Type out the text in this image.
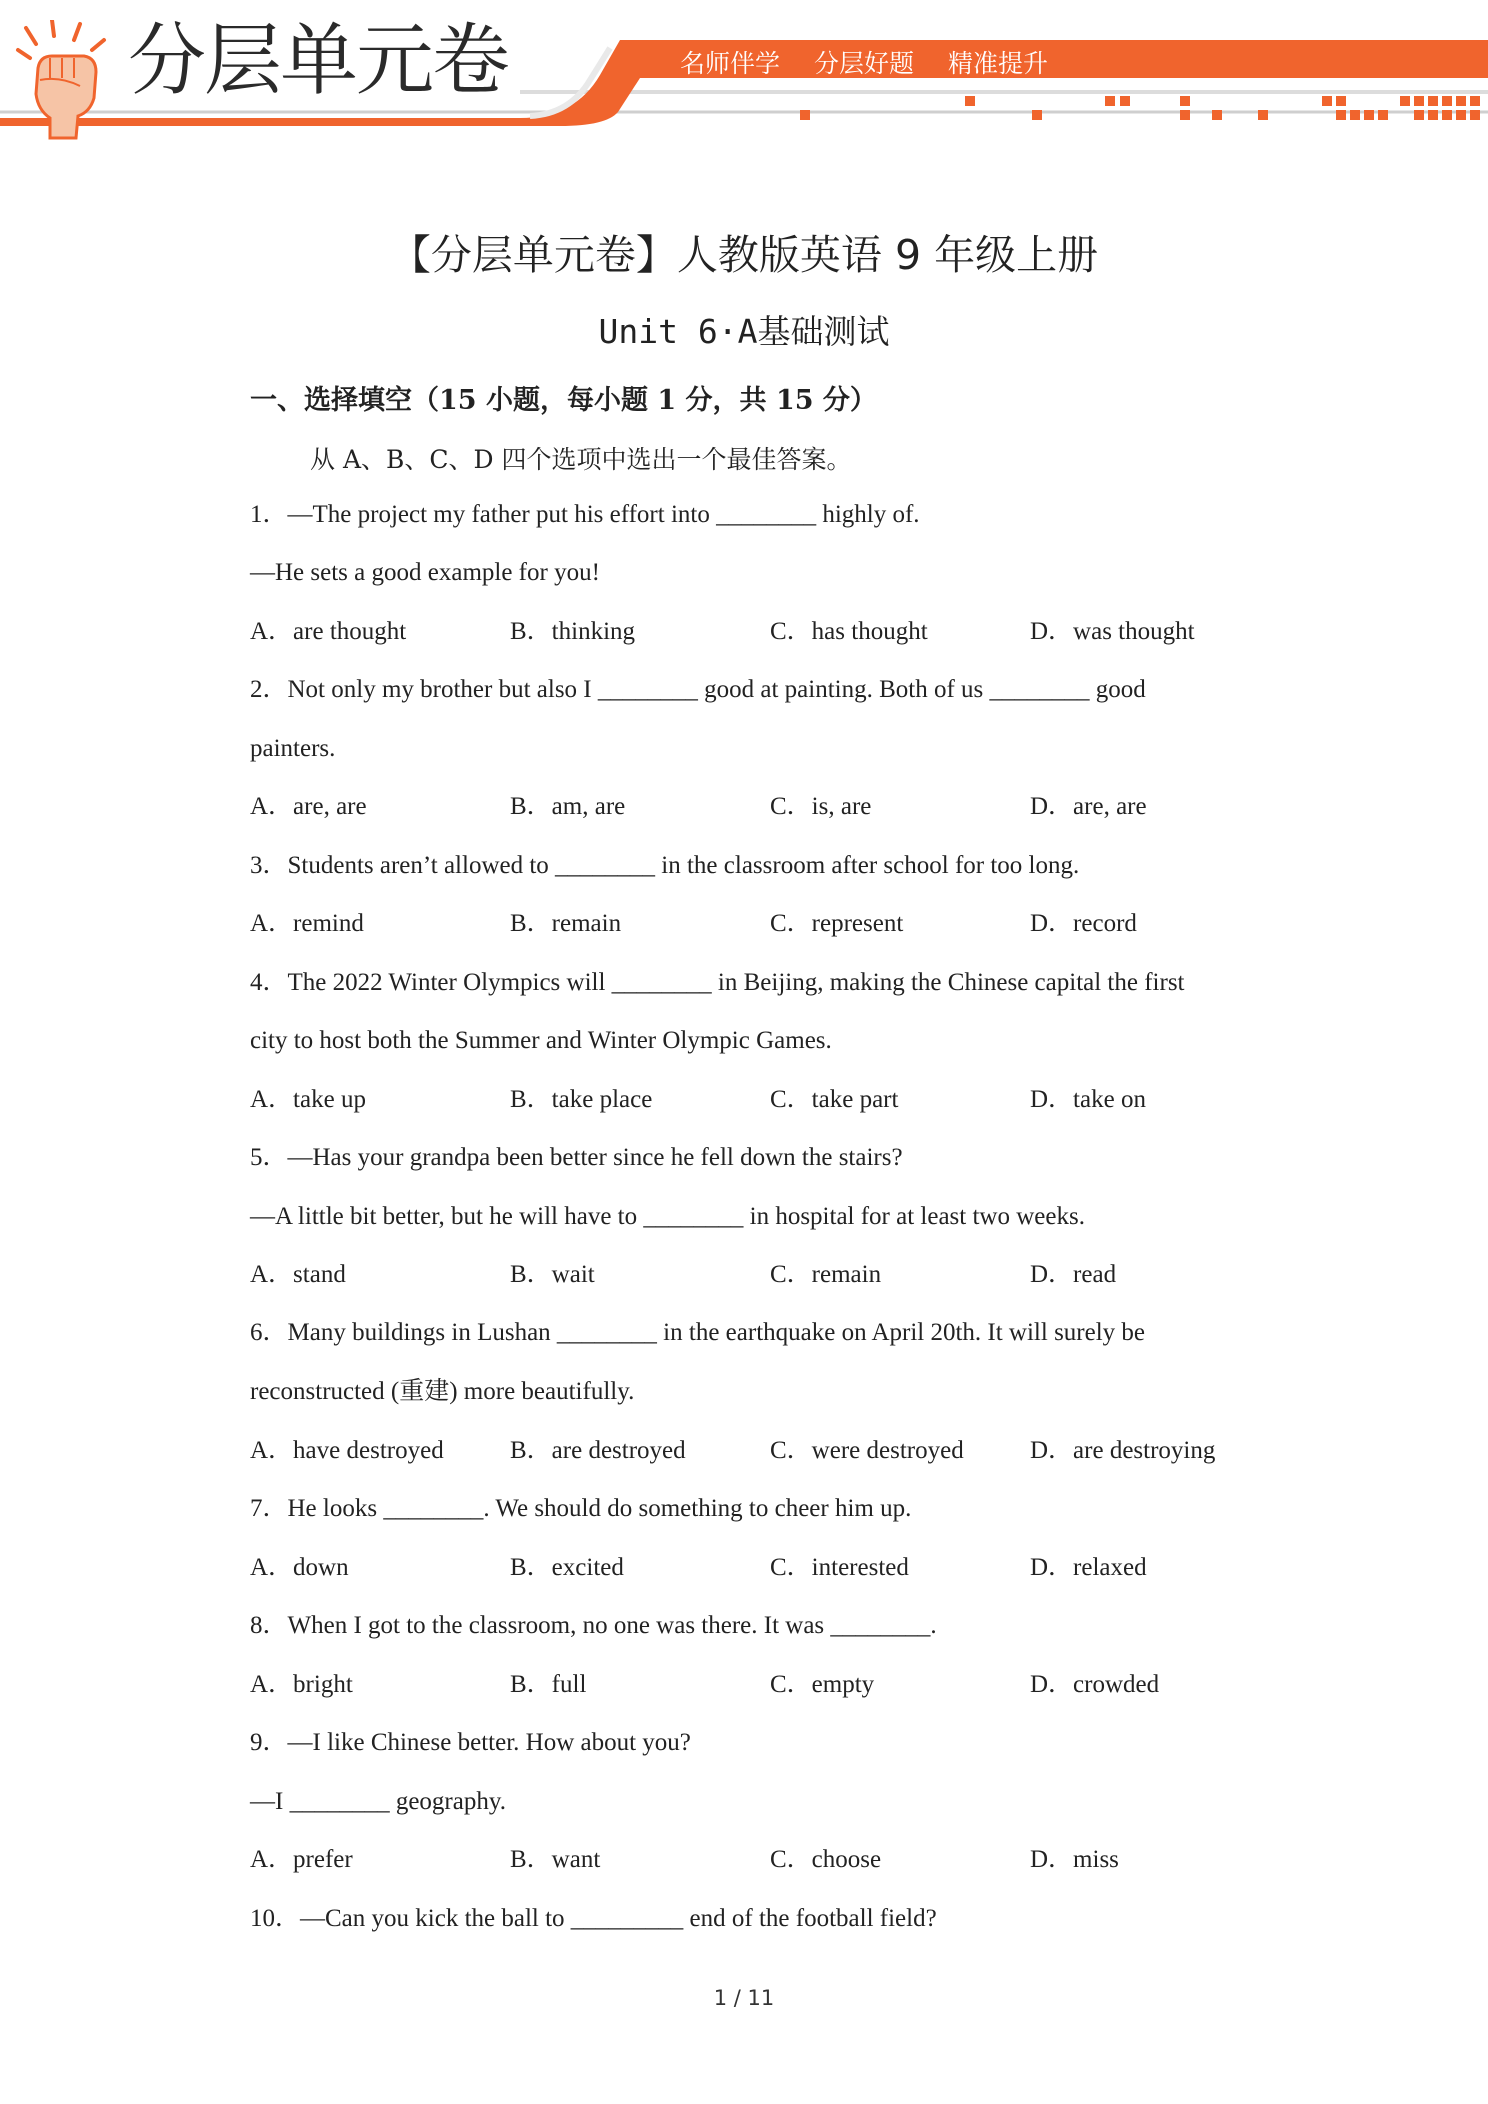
分层单元卷	名师伴学 分层好题 精准提升
【分层单元卷】人教版英语 9 年级上册
Unit 6·A基础测试
一、选择填空（15 小题，每小题 1 分，共 15 分）
从 A、B、C、D 四个选项中选出一个最佳答案。
1．—The project my father put his effort into ________ highly of.
—He sets a good example for you!
A．are thought	B．thinking	C．has thought	D．was thought
2．Not only my brother but also I ________ good at painting. Both of us ________ good
painters.
A．are, are	B．am, are	C．is, are	D．are, are
3．Students aren’t allowed to ________ in the classroom after school for too long.
A．remind	B．remain	C．represent	D．record
4．The 2022 Winter Olympics will ________ in Beijing, making the Chinese capital the first
city to host both the Summer and Winter Olympic Games.
A．take up	B．take place	C．take part	D．take on
5．—Has your grandpa been better since he fell down the stairs?
—A little bit better, but he will have to ________ in hospital for at least two weeks.
A．stand	B．wait	C．remain	D．read
6．Many buildings in Lushan ________ in the earthquake on April 20th. It will surely be
reconstructed (重建) more beautifully.
A．have destroyed	B．are destroyed	C．were destroyed	D．are destroying
7．He looks ________. We should do something to cheer him up.
A．down	B．excited	C．interested	D．relaxed
8．When I got to the classroom, no one was there. It was ________.
A．bright	B．full	C．empty	D．crowded
9．—I like Chinese better. How about you?
—I ________ geography.
A．prefer	B．want	C．choose	D．miss
10．—Can you kick the ball to _________ end of the football field?
1 / 11
